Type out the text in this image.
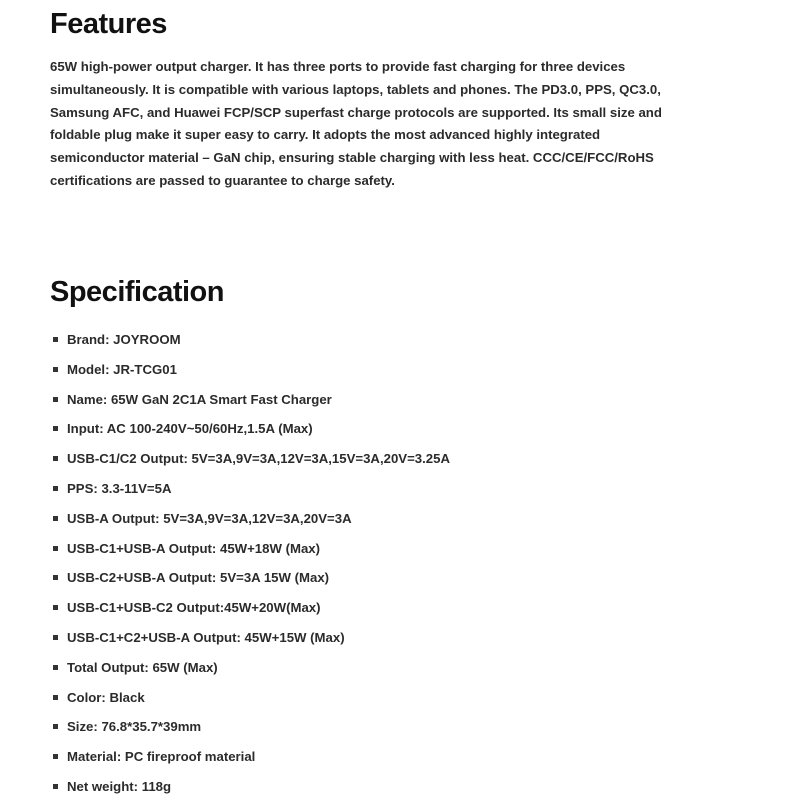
Features

65W high-power output charger. It has three ports to provide fast charging for three devices simultaneously. It is compatible with various laptops, tablets and phones. The PD3.0, PPS, QC3.0, Samsung AFC, and Huawei FCP/SCP superfast charge protocols are supported. Its small size and foldable plug make it super easy to carry. It adopts the most advanced highly integrated semiconductor material – GaN chip, ensuring stable charging with less heat. CCC/CE/FCC/RoHS certifications are passed to guarantee to charge safety.

Specification
Brand: JOYROOM
Model: JR-TCG01
Name: 65W GaN 2C1A Smart Fast Charger
Input: AC 100-240V~50/60Hz,1.5A (Max)
USB-C1/C2 Output: 5V=3A,9V=3A,12V=3A,15V=3A,20V=3.25A
PPS: 3.3-11V=5A
USB-A Output: 5V=3A,9V=3A,12V=3A,20V=3A
USB-C1+USB-A Output: 45W+18W (Max)
USB-C2+USB-A Output: 5V=3A 15W (Max)
USB-C1+USB-C2 Output:45W+20W(Max)
USB-C1+C2+USB-A Output: 45W+15W (Max)
Total Output: 65W (Max)
Color: Black
Size: 76.8*35.7*39mm
Material: PC fireproof material
Net weight: 118g
